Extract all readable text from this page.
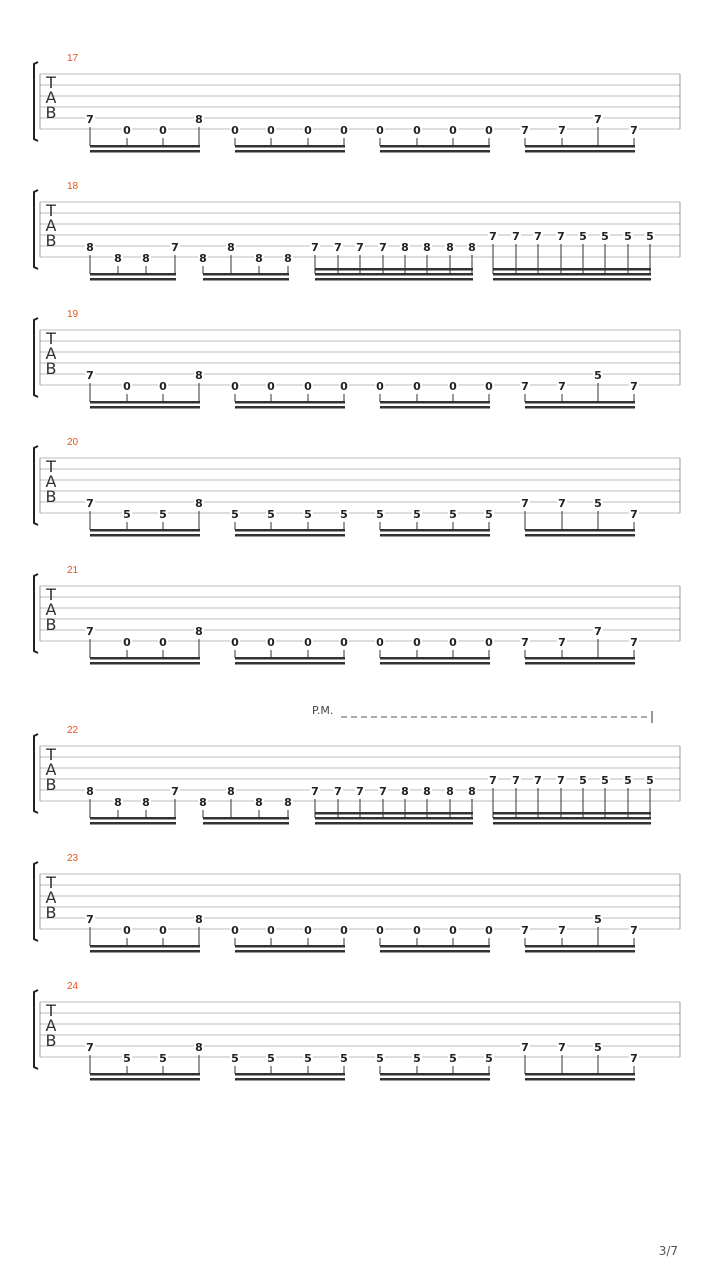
17
T
A
B	7
0	0
8
0	0	0	0	0	0	0	0	7	7
7
7
18
T
A
B	8
8 8
7
8
8
8 8
7 7 7 7 8 8 8 8
7 7 7 7 5 5 5 5
19
T
A
B	7
0	0
8
0	0	0	0	0	0	0	0	7	7
5
7
20
T
A
B	7
5	5
8
5	5	5	5	5	5	5	5
7	7	5
7
21
T
A
B	7
0	0
8
0	0	0	0	0	0	0	0	7	7
7
7
22
T
A
B	8
8 8
7
8
8
8 8
7 7 7 7 8 8 8 8
7 7 7 7 5 5 5 5
23
T
A
B	7
0	0
8
0	0	0	0	0	0	0	0	7	7
5
7
24
T
A
B	7
5	5
8
5	5	5	5	5	5	5	5
7	7	5
7
P.M.
3/7
